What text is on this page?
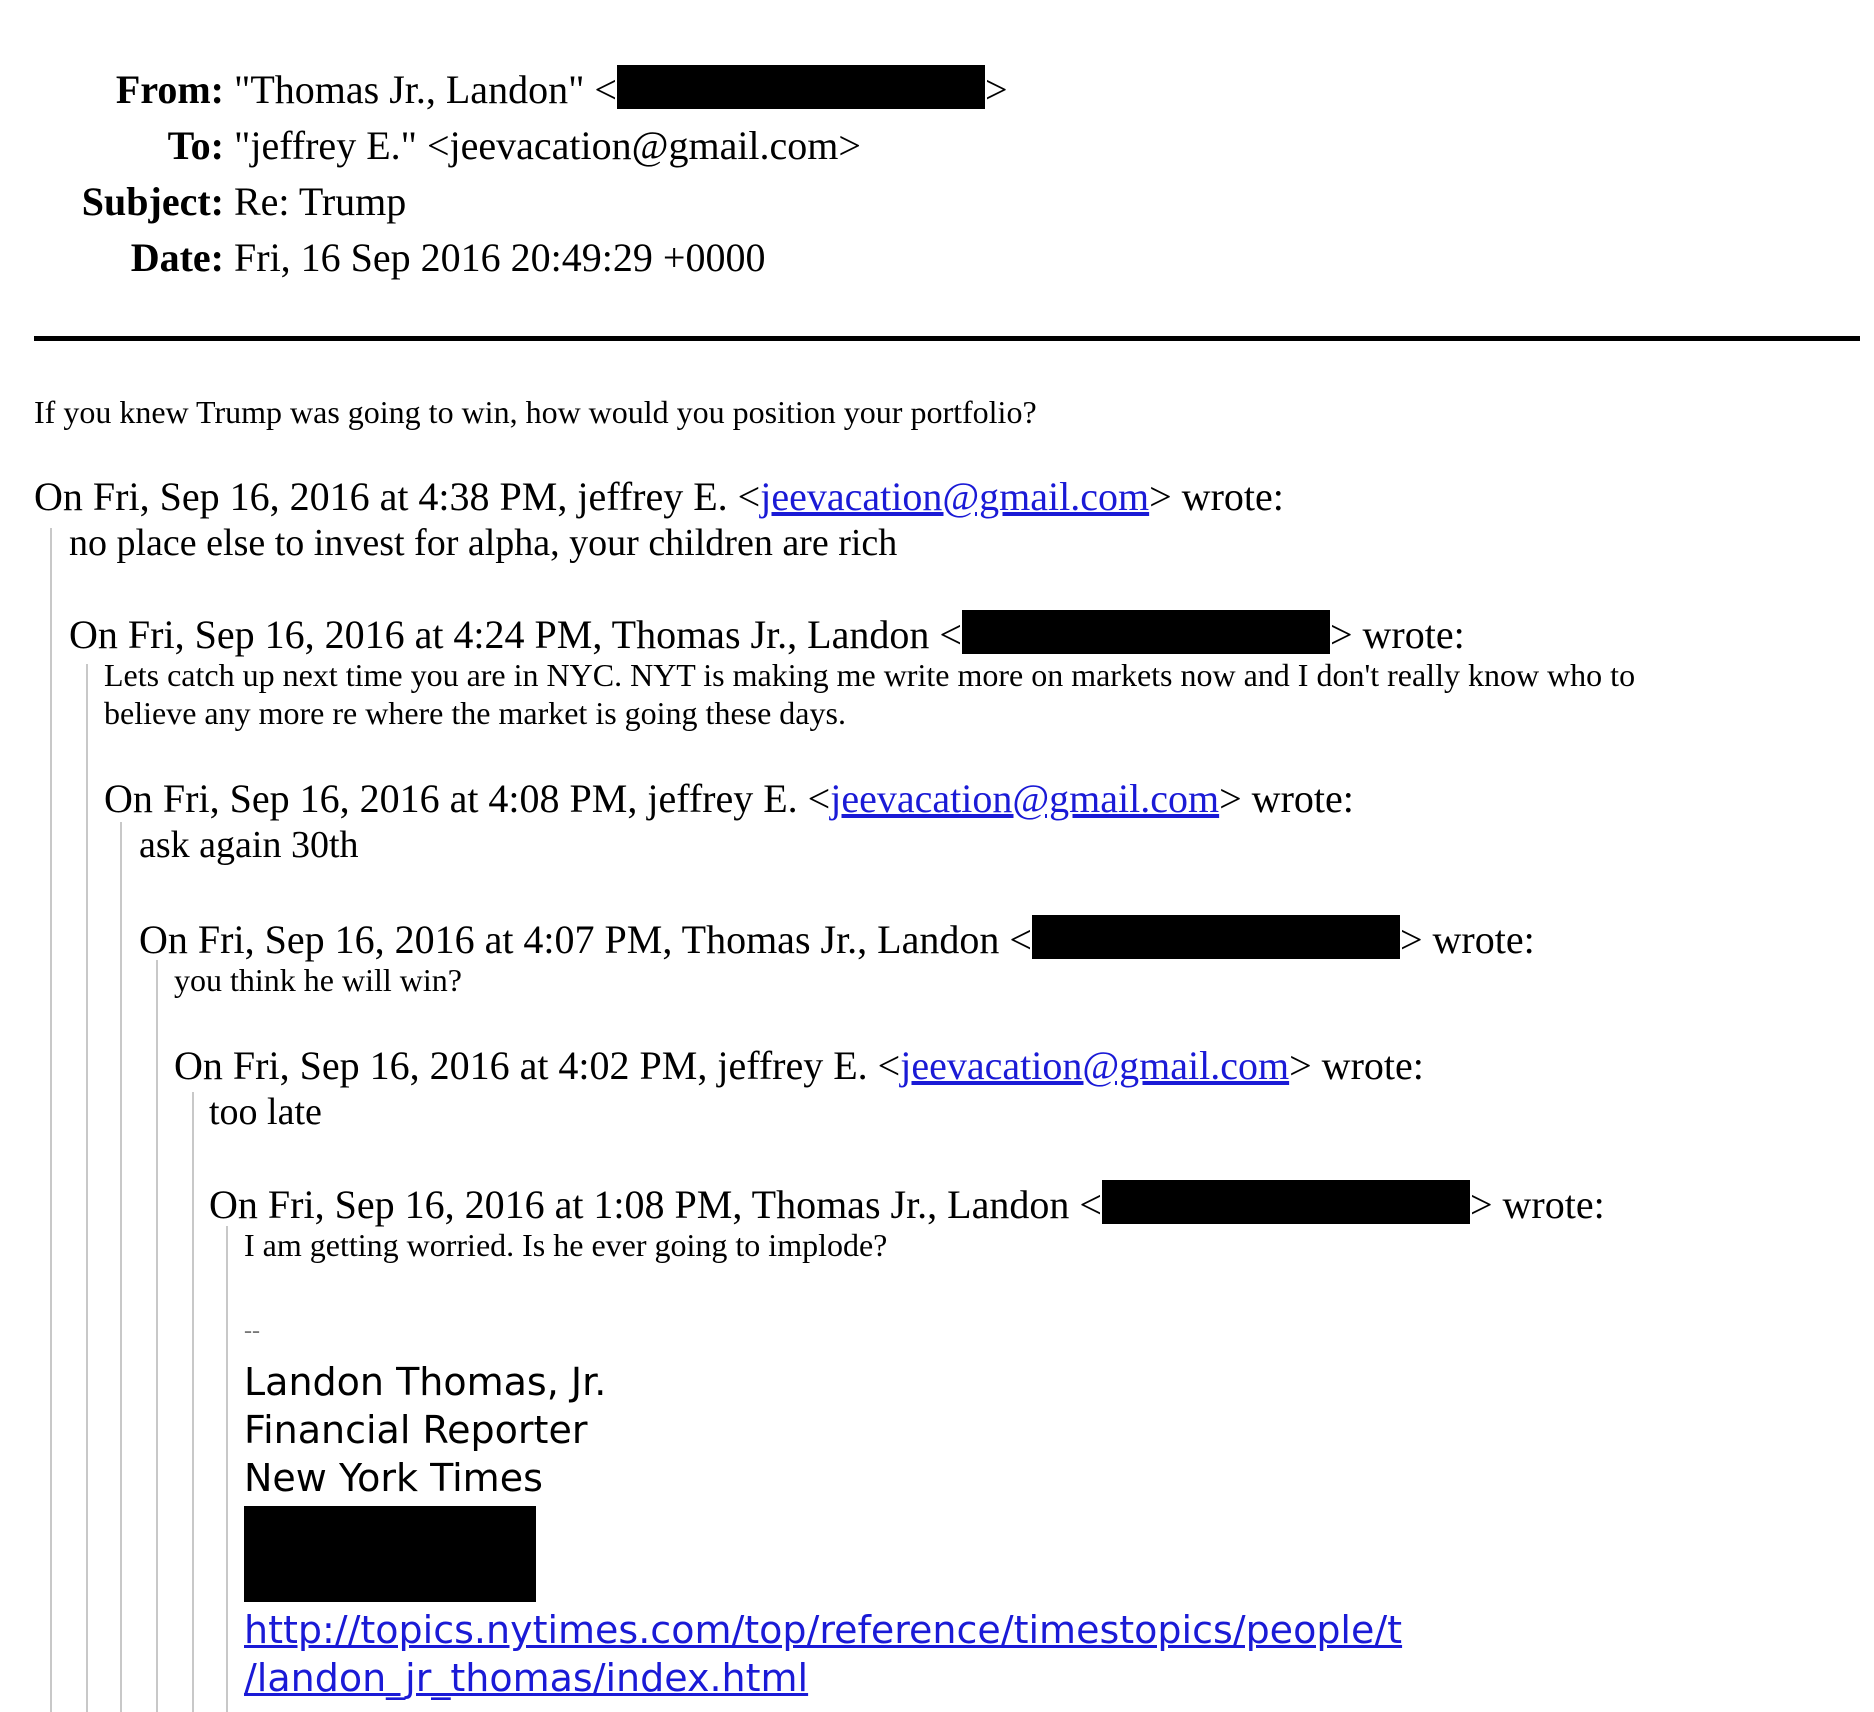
From: "Thomas Jr., Landon" <	>
To: "jeffrey E." <jeevacation@gmail.com>
Subject: Re: Trump
Date: Fri, 16 Sep 2016 20:49:29 +0000
If you knew Trump was going to win, how would you position your portfolio?
On Fri, Sep 16, 2016 at 4:38 PM, jeffrey E. <jeevacation@gmail.com> wrote:
no place else to invest for alpha, your children are rich
On Fri, Sep 16, 2016 at 4:24 PM, Thomas Jr., Landon <	> wrote:
Lets catch up next time you are in NYC. NYT is making me write more on markets now and I don't really know who to
believe any more re where the market is going these days.
On Fri, Sep 16, 2016 at 4:08 PM, jeffrey E. <jeevacation@gmail.com> wrote:
ask again 30th
On Fri, Sep 16, 2016 at 4:07 PM, Thomas Jr., Landon <	> wrote:
you think he will win?
On Fri, Sep 16, 2016 at 4:02 PM, jeffrey E. <jeevacation@gmail.com> wrote:
too late
On Fri, Sep 16, 2016 at 1:08 PM, Thomas Jr., Landon <	> wrote:
I am getting worried. Is he ever going to implode?
--
Landon Thomas, Jr.
Financial Reporter
New York Times
http://topics.nytimes.com/top/reference/timestopics/people/t
/landon_jr_thomas/index.html
